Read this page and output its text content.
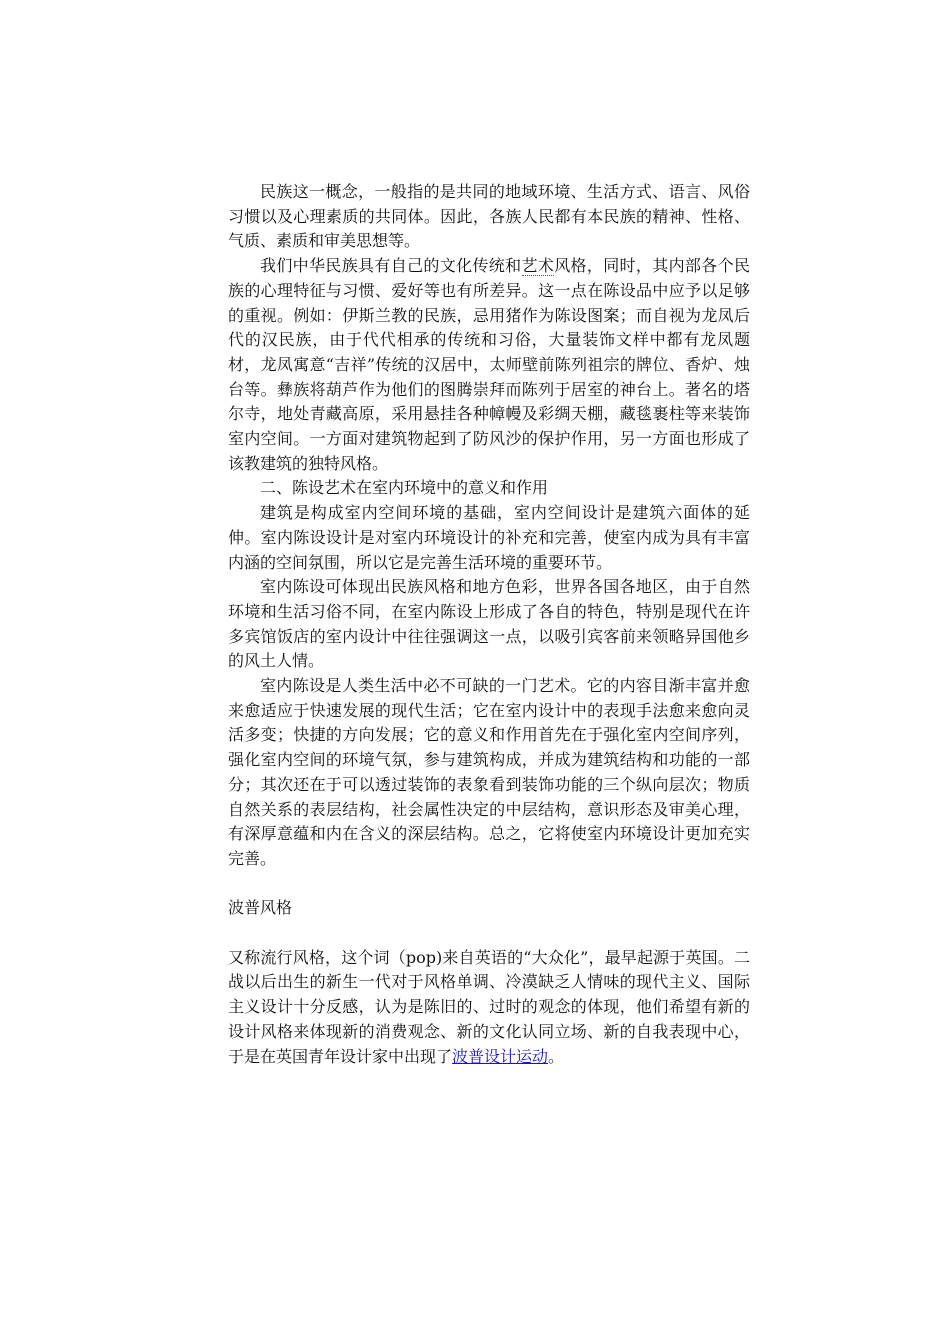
民族这一概念，一般指的是共同的地域环境、生活方式、语言、风俗习惯以及心理素质的共同体。因此，各族人民都有本民族的精神、性格、气质、素质和审美思想等。

我们中华民族具有自己的文化传统和艺术风格，同时，其内部各个民族的心理特征与习惯、爱好等也有所差异。这一点在陈设品中应予以足够的重视。例如：伊斯兰教的民族，忌用猪作为陈设图案；而自视为龙凤后代的汉民族，由于代代相承的传统和习俗，大量装饰文样中都有龙凤题材，龙凤寓意“吉祥”传统的汉居中，太师壁前陈列祖宗的牌位、香炉、烛台等。彝族将葫芦作为他们的图腾崇拜而陈列于居室的神台上。著名的塔尔寺，地处青藏高原，采用悬挂各种幛幔及彩绸天棚，藏毯裹柱等来装饰室内空间。一方面对建筑物起到了防风沙的保护作用，另一方面也形成了该教建筑的独特风格。

二、陈设艺术在室内环境中的意义和作用

建筑是构成室内空间环境的基础，室内空间设计是建筑六面体的延伸。室内陈设设计是对室内环境设计的补充和完善，使室内成为具有丰富内涵的空间氛围，所以它是完善生活环境的重要环节。

室内陈设可体现出民族风格和地方色彩，世界各国各地区，由于自然环境和生活习俗不同，在室内陈设上形成了各自的特色，特别是现代在许多宾馆饭店的室内设计中往往强调这一点，以吸引宾客前来领略异国他乡的风土人情。

室内陈设是人类生活中必不可缺的一门艺术。它的内容目渐丰富并愈来愈适应于快速发展的现代生活；它在室内设计中的表现手法愈来愈向灵活多变；快捷的方向发展；它的意义和作用首先在于强化室内空间序列，强化室内空间的环境气氛，参与建筑构成，并成为建筑结构和功能的一部分；其次还在于可以透过装饰的表象看到装饰功能的三个纵向层次；物质自然关系的表层结构，社会属性决定的中层结构，意识形态及审美心理，有深厚意蕴和内在含义的深层结构。总之，它将使室内环境设计更加充实完善。

波普风格

又称流行风格，这个词（pop)来自英语的“大众化”，最早起源于英国。二战以后出生的新生一代对于风格单调、冷漠缺乏人情味的现代主义、国际主义设计十分反感，认为是陈旧的、过时的观念的体现，他们希望有新的设计风格来体现新的消费观念、新的文化认同立场、新的自我表现中心，于是在英国青年设计家中出现了波普设计运动。
